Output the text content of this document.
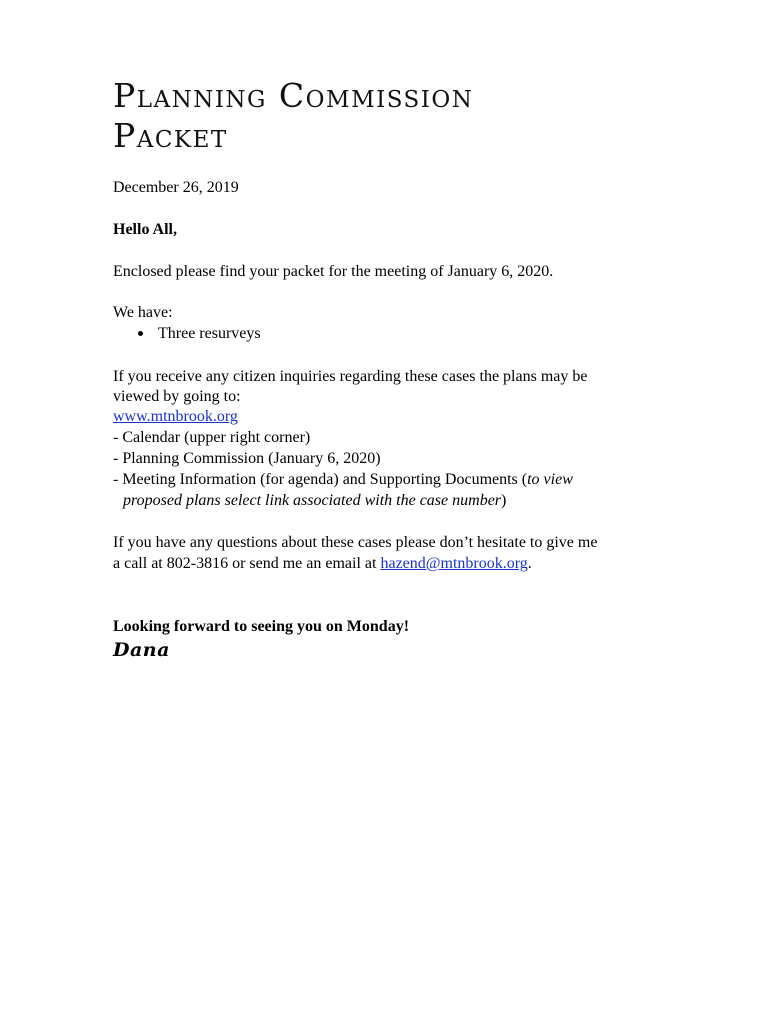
Planning Commission
Packet

December 26, 2019

Hello All,

Enclosed please find your packet for the meeting of January 6, 2020.

We have:

Three resurveys

If you receive any citizen inquiries regarding these cases the plans may be

viewed by going to:

www.mtnbrook.org

- Calendar (upper right corner)

- Planning Commission (January 6, 2020)

- Meeting Information (for agenda) and Supporting Documents (to view

proposed plans select link associated with the case number)

If you have any questions about these cases please don’t hesitate to give me

a call at 802-3816 or send me an email at hazend@mtnbrook.org.

Looking forward to seeing you on Monday!

Dana
